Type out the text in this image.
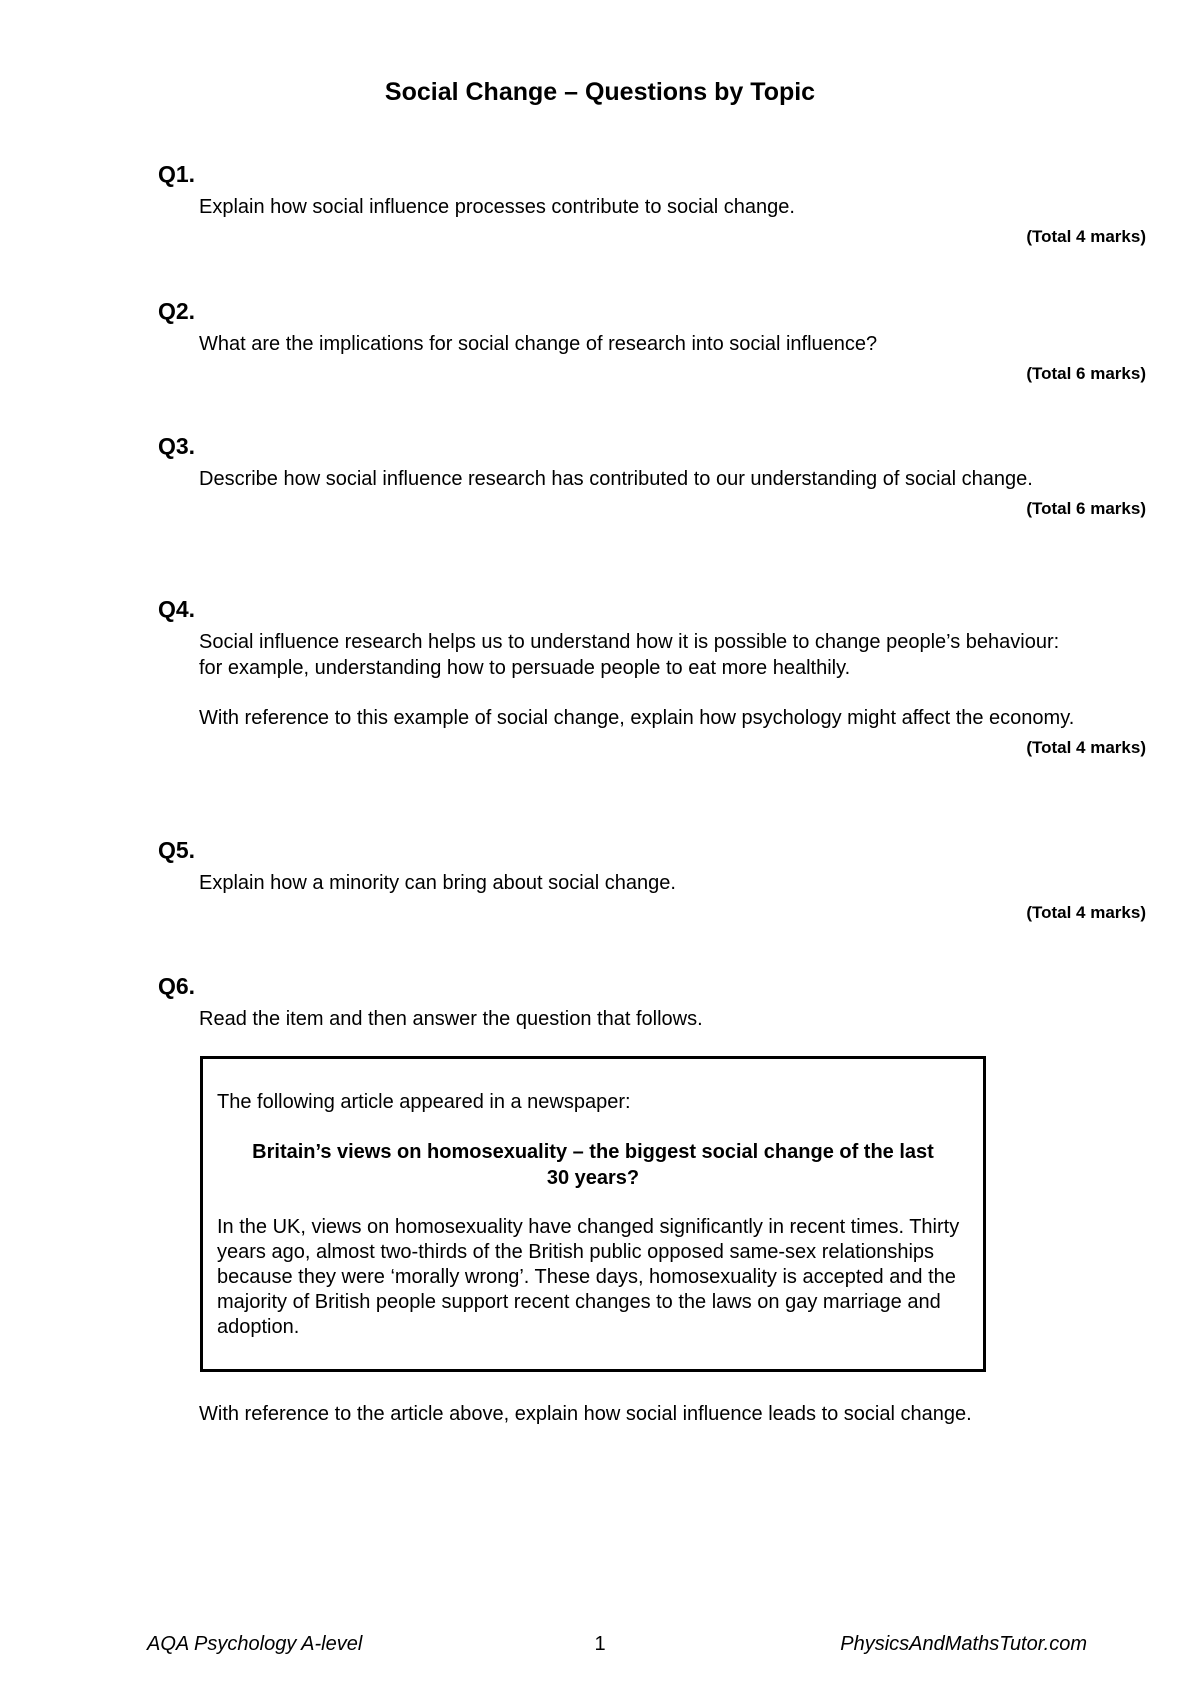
Social Change – Questions by Topic

Q1.

Explain how social influence processes contribute to social change.

(Total 4 marks)

Q2.

What are the implications for social change of research into social influence?

(Total 6 marks)

Q3.

Describe how social influence research has contributed to our understanding of social change.

(Total 6 marks)

Q4.

Social influence research helps us to understand how it is possible to change people’s behaviour: for example, understanding how to persuade people to eat more healthily.

With reference to this example of social change, explain how psychology might affect the economy.

(Total 4 marks)

Q5.

Explain how a minority can bring about social change.

(Total 4 marks)

Q6.

Read the item and then answer the question that follows.

The following article appeared in a newspaper:

Britain’s views on homosexuality – the biggest social change of the last 30 years?

In the UK, views on homosexuality have changed significantly in recent times. Thirty years ago, almost two-thirds of the British public opposed same-sex relationships because they were ‘morally wrong’. These days, homosexuality is accepted and the majority of British people support recent changes to the laws on gay marriage and adoption.

With reference to the article above, explain how social influence leads to social change.

AQA Psychology A-level	1	PhysicsAndMathsTutor.com
